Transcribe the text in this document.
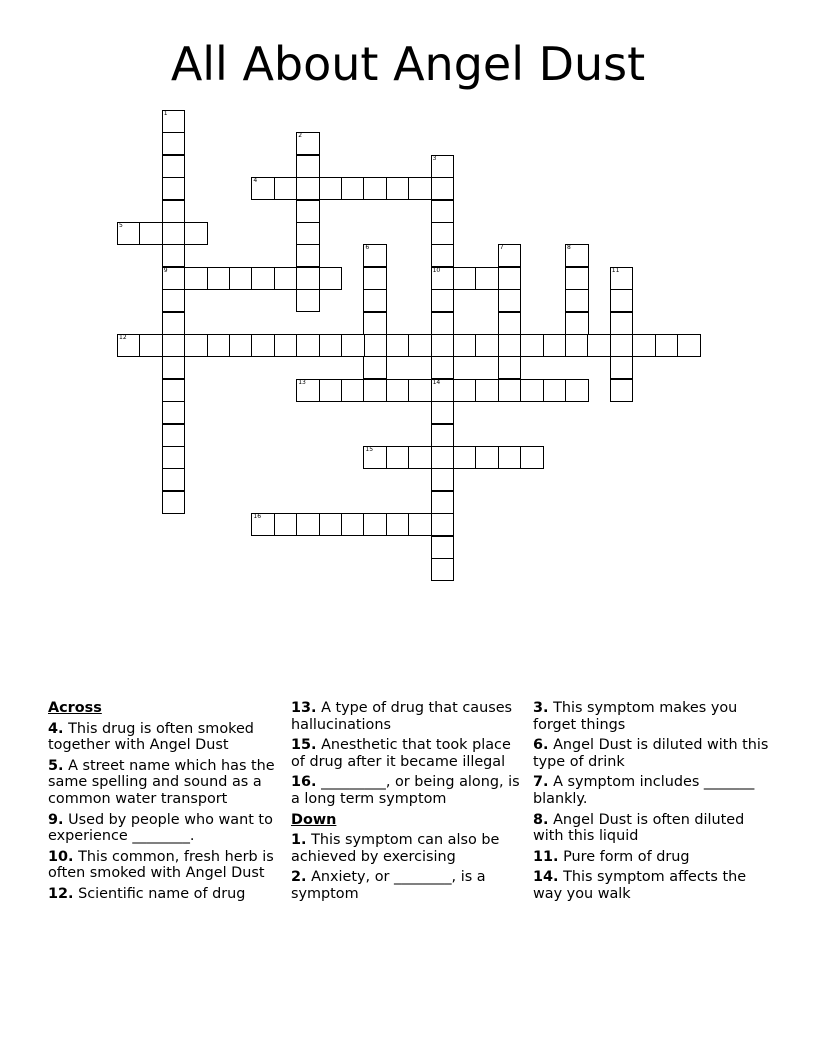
All About Angel Dust
1
9
2
3
10
4
5
6	7	8
11
12
13	14
15
16
Across
4. This drug is often smoked together with Angel Dust
5. A street name which has the same spelling and sound as a common water transport
9. Used by people who want to experience ________.
10. This common, fresh herb is often smoked with Angel Dust
12. Scientific name of drug
13. A type of drug that causes hallucinations
15. Anesthetic that took place of drug after it became illegal
16. _________, or being along, is a long term symptom
Down
1. This symptom can also be achieved by exercising
2. Anxiety, or ________, is a symptom
3. This symptom makes you forget things
6. Angel Dust is diluted with this type of drink
7. A symptom includes _______ blankly.
8. Angel Dust is often diluted with this liquid
11. Pure form of drug
14. This symptom affects the way you walk
